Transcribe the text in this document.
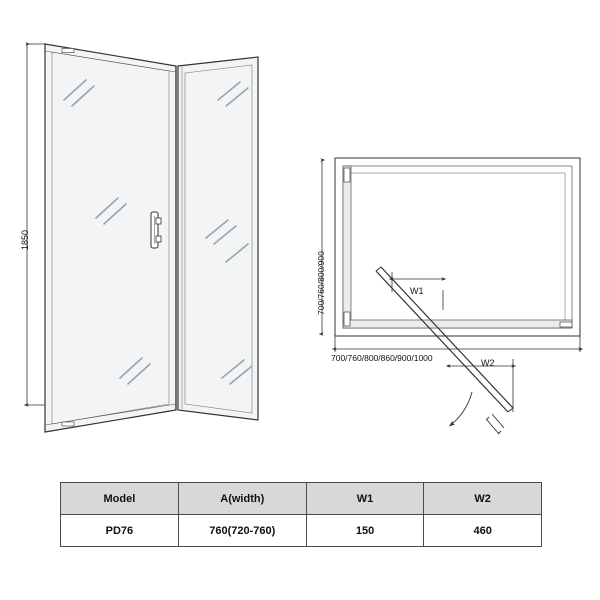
1850
700/760/800/900
700/760/800/860/900/1000
W1
W2
Model	A(width)	W1	W2
PD76	760(720-760)	150	460
